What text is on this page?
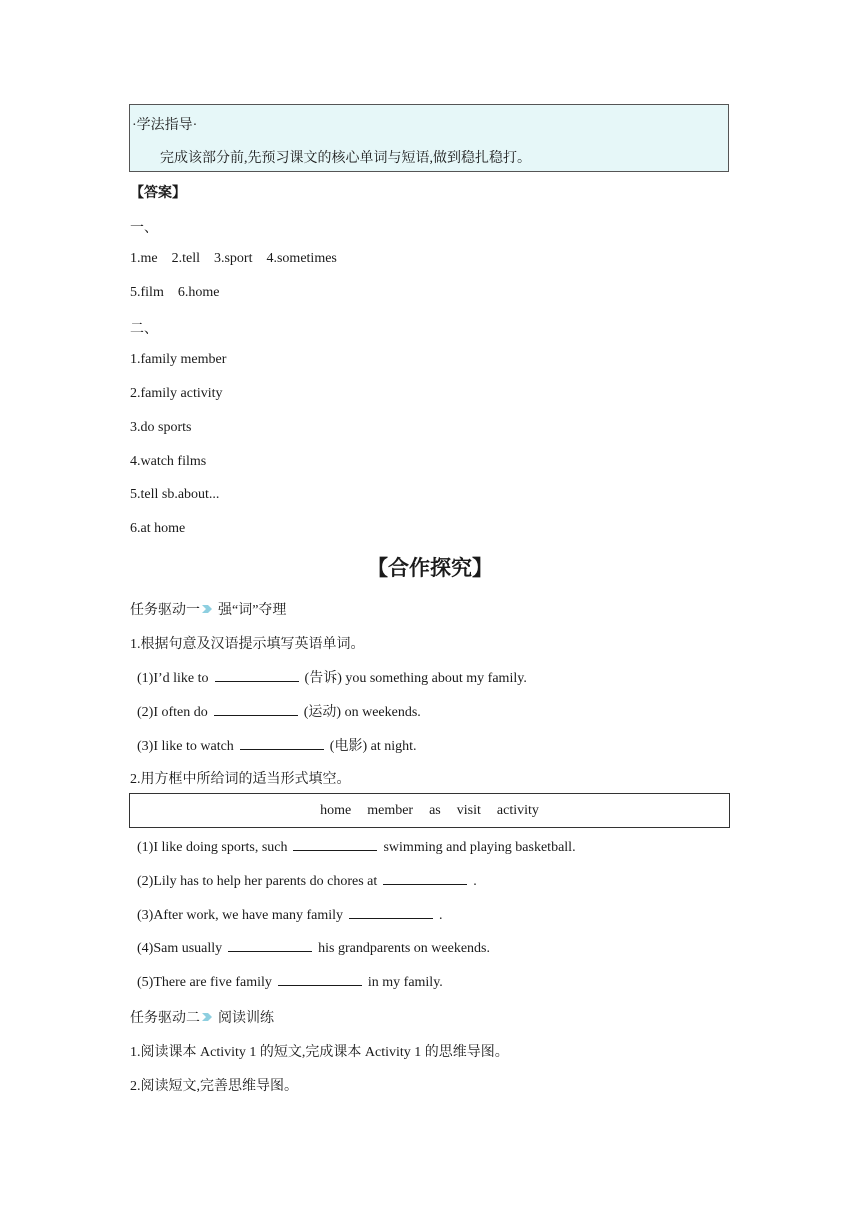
·学法指导·
完成该部分前,先预习课文的核心单词与短语,做到稳扎稳打。
【答案】
一、
1.me    2.tell    3.sport    4.sometimes
5.film    6.home
二、
1.family member
2.family activity
3.do sports
4.watch films
5.tell sb.about...
6.at home
【合作探究】
任务驱动一 强“词”夺理
1.根据句意及汉语提示填写英语单词。
(1)I’d like to	(告诉) you something about my family.
(2)I often do	(运动) on weekends.
(3)I like to watch	(电影) at night.
2.用方框中所给词的适当形式填空。
home member as visit activity
(1)I like doing sports, such	swimming and playing basketball.
(2)Lily has to help her parents do chores at	.
(3)After work, we have many family	.
(4)Sam usually	his grandparents on weekends.
(5)There are five family	in my family.
任务驱动二 阅读训练
1.阅读课本 Activity 1 的短文,完成课本 Activity 1 的思维导图。
2.阅读短文,完善思维导图。
